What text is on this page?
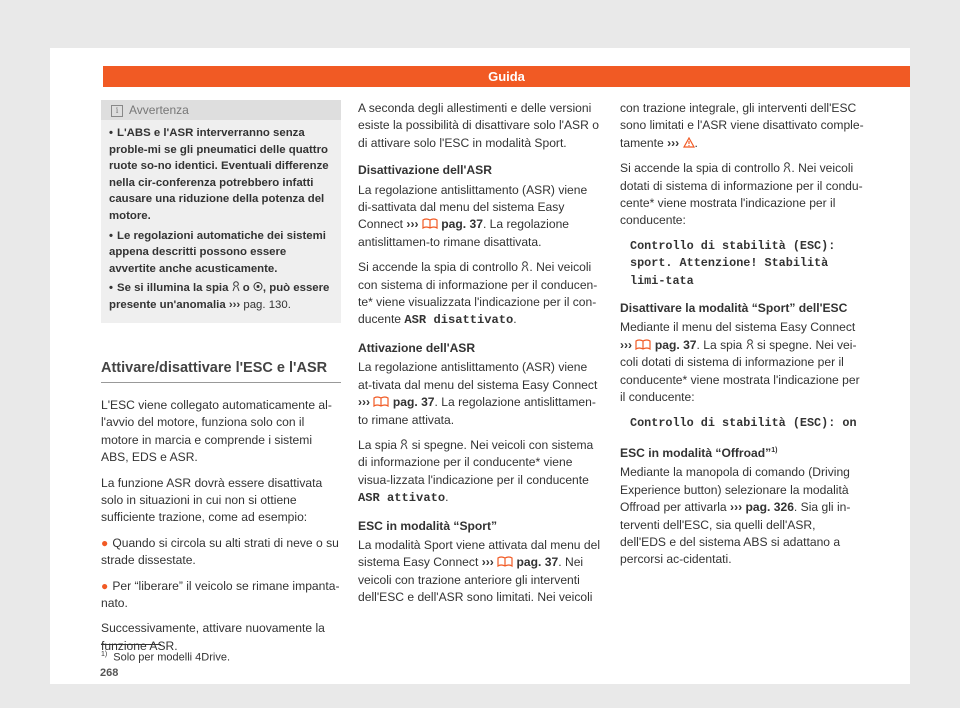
Guida
i Avvertenza

• L'ABS e l'ASR interverranno senza proble-mi se gli pneumatici delle quattro ruote so-no identici. Eventuali differenze nella cir-conferenza potrebbero infatti causare una riduzione della potenza del motore.

• Le regolazioni automatiche dei sistemi appena descritti possono essere avvertite anche acusticamente.

• Se si illumina la spia o , può essere presente un'anomalia ››› pag. 130.

Attivare/disattivare l'ESC e l'ASR

L'ESC viene collegato automaticamente al-l'avvio del motore, funziona solo con il motore in marcia e comprende i sistemi ABS, EDS e ASR.

La funzione ASR dovrà essere disattivata solo in situazioni in cui non si ottiene sufficiente trazione, come ad esempio:

● Quando si circola su alti strati di neve o su strade dissestate.

● Per “liberare” il veicolo se rimane impanta-nato.

Successivamente, attivare nuovamente la funzione ASR.

A seconda degli allestimenti e delle versioni esiste la possibilità di disattivare solo l'ASR o di attivare solo l'ESC in modalità Sport.

Disattivazione dell'ASR

La regolazione antislittamento (ASR) viene di-sattivata dal menu del sistema Easy Connect ››› pag. 37. La regolazione antislittamen-to rimane disattivata.

Si accende la spia di controllo . Nei veicoli con sistema di informazione per il conducen-te* viene visualizzata l'indicazione per il con-ducente ASR disattivato.

Attivazione dell'ASR

La regolazione antislittamento (ASR) viene at-tivata dal menu del sistema Easy Connect ››› pag. 37. La regolazione antislittamen-to rimane attivata.

La spia si spegne. Nei veicoli con sistema di informazione per il conducente* viene visua-lizzata l'indicazione per il conducente ASR attivato.

ESC in modalità “Sport”

La modalità Sport viene attivata dal menu del sistema Easy Connect ››› pag. 37. Nei veicoli con trazione anteriore gli interventi dell'ESC e dell'ASR sono limitati. Nei veicoli

con trazione integrale, gli interventi dell'ESC sono limitati e l'ASR viene disattivato comple-tamente ››› .

Si accende la spia di controllo . Nei veicoli dotati di sistema di informazione per il condu-cente* viene mostrata l'indicazione per il conducente:

Controllo di stabilità (ESC): sport. Attenzione! Stabilità limi-tata
Disattivare la modalità “Sport” dell'ESC

Mediante il menu del sistema Easy Connect ››› pag. 37. La spia si spegne. Nei vei-coli dotati di sistema di informazione per il conducente* viene mostrata l'indicazione per il conducente:

Controllo di stabilità (ESC): on
ESC in modalità “Offroad”$^{1)}$

Mediante la manopola di comando (Driving Experience button) selezionare la modalità Offroad per attivarla ››› pag. 326. Sia gli in-terventi dell'ESC, sia quelli dell'ASR, dell'EDS e del sistema ABS si adattano a percorsi ac-cidentati.

$^{1)}$ Solo per modelli 4Drive.
268
